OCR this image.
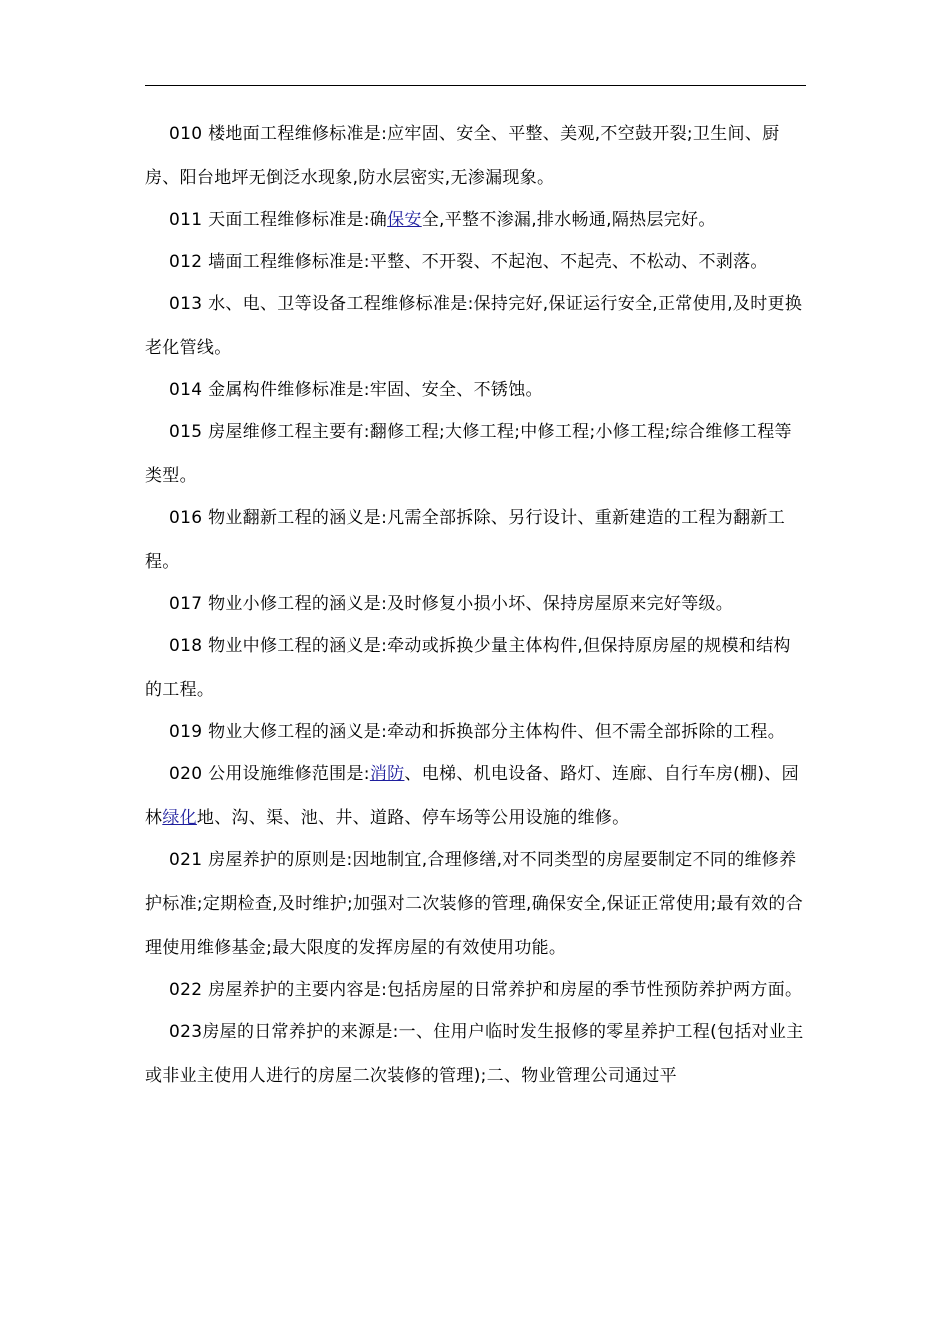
010 楼地面工程维修标准是:应牢固、安全、平整、美观,不空鼓开裂;卫生间、厨房、阳台地坪无倒泛水现象,防水层密实,无渗漏现象。

011 天面工程维修标准是:确保安全,平整不渗漏,排水畅通,隔热层完好。

012 墙面工程维修标准是:平整、不开裂、不起泡、不起壳、不松动、不剥落。

013 水、电、卫等设备工程维修标准是:保持完好,保证运行安全,正常使用,及时更换老化管线。

014 金属构件维修标准是:牢固、安全、不锈蚀。

015 房屋维修工程主要有:翻修工程;大修工程;中修工程;小修工程;综合维修工程等类型。

016 物业翻新工程的涵义是:凡需全部拆除、另行设计、重新建造的工程为翻新工程。

017 物业小修工程的涵义是:及时修复小损小坏、保持房屋原来完好等级。

018 物业中修工程的涵义是:牵动或拆换少量主体构件,但保持原房屋的规模和结构的工程。

019 物业大修工程的涵义是:牵动和拆换部分主体构件、但不需全部拆除的工程。

020 公用设施维修范围是:消防、电梯、机电设备、路灯、连廊、自行车房(棚)、园林绿化地、沟、渠、池、井、道路、停车场等公用设施的维修。

021 房屋养护的原则是:因地制宜,合理修缮,对不同类型的房屋要制定不同的维修养护标准;定期检查,及时维护;加强对二次装修的管理,确保安全,保证正常使用;最有效的合理使用维修基金;最大限度的发挥房屋的有效使用功能。

022 房屋养护的主要内容是:包括房屋的日常养护和房屋的季节性预防养护两方面。

023房屋的日常养护的来源是:一、住用户临时发生报修的零星养护工程(包括对业主或非业主使用人进行的房屋二次装修的管理);二、物业管理公司通过平
